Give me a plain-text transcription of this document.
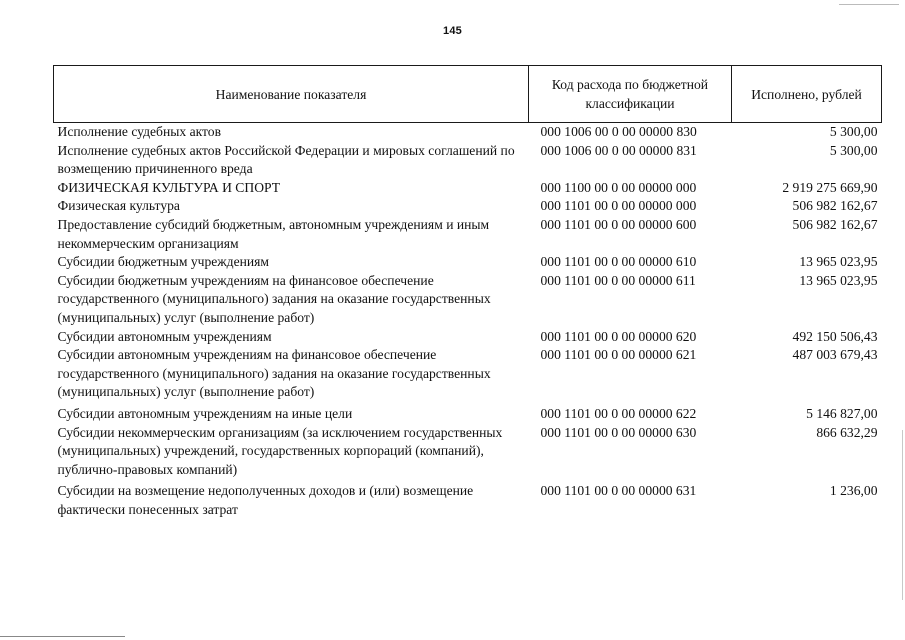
145
Наименование показателя	Код расхода по бюджетной классификации	Исполнено, рублей
Исполнение судебных актов	000 1006 00 0 00 00000 830	5 300,00
Исполнение судебных актов Российской Федерации и мировых соглашений по возмещению причиненного вреда	000 1006 00 0 00 00000 831	5 300,00
ФИЗИЧЕСКАЯ КУЛЬТУРА И СПОРТ	000 1100 00 0 00 00000 000	2 919 275 669,90
Физическая культура	000 1101 00 0 00 00000 000	506 982 162,67
Предоставление субсидий бюджетным, автономным учреждениям и иным некоммерческим организациям	000 1101 00 0 00 00000 600	506 982 162,67
Субсидии бюджетным учреждениям	000 1101 00 0 00 00000 610	13 965 023,95
Субсидии бюджетным учреждениям на финансовое обеспечение государственного (муниципального) задания на оказание государственных (муниципальных) услуг (выполнение работ)	000 1101 00 0 00 00000 611	13 965 023,95
Субсидии автономным учреждениям	000 1101 00 0 00 00000 620	492 150 506,43
Субсидии автономным учреждениям на финансовое обеспечение государственного (муниципального) задания на оказание государственных (муниципальных) услуг (выполнение работ)	000 1101 00 0 00 00000 621	487 003 679,43
Субсидии автономным учреждениям на иные цели	000 1101 00 0 00 00000 622	5 146 827,00
Субсидии некоммерческим организациям (за исключением государственных (муниципальных) учреждений, государственных корпораций (компаний), публично-правовых компаний)	000 1101 00 0 00 00000 630	866 632,29
Субсидии на возмещение недополученных доходов и (или) возмещение фактически понесенных затрат	000 1101 00 0 00 00000 631	1 236,00
